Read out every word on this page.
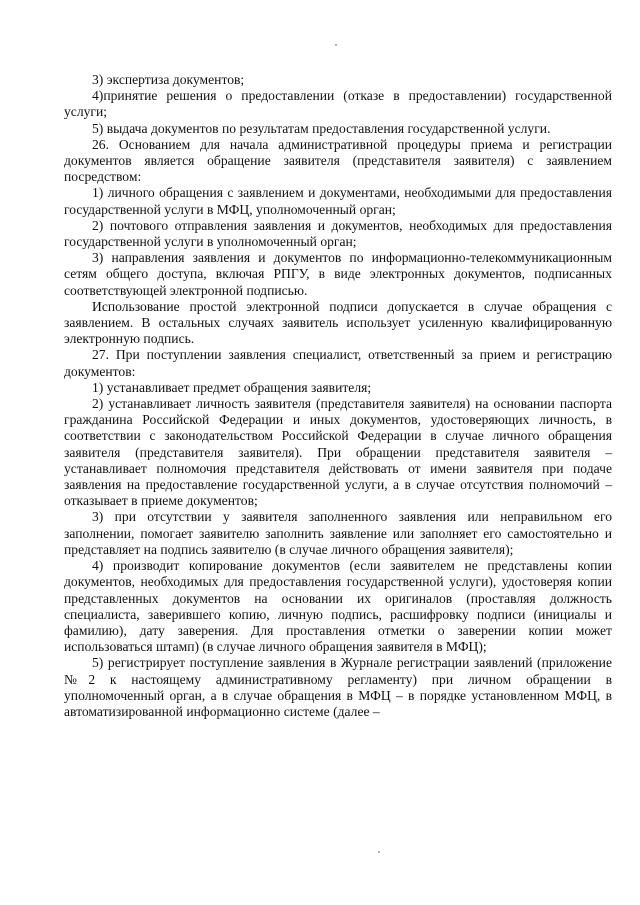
3) экспертиза документов;

4)принятие решения о предоставлении (отказе в предоставлении) государственной услуги;

5) выдача документов по результатам предоставления государственной услуги.

26. Основанием для начала административной процедуры приема и регистрации документов является обращение заявителя (представителя заявителя) с заявлением посредством:

1) личного обращения с заявлением и документами, необходимыми для предоставления государственной услуги в МФЦ, уполномоченный орган;

2) почтового отправления заявления и документов, необходимых для предоставления государственной услуги в уполномоченный орган;

3) направления заявления и документов по информационно-телекоммуникационным сетям общего доступа, включая РПГУ, в виде электронных документов, подписанных соответствующей электронной подписью.

Использование простой электронной подписи допускается в случае обращения с заявлением. В остальных случаях заявитель использует усиленную квалифицированную электронную подпись.

27. При поступлении заявления специалист, ответственный за прием и регистрацию документов:

1) устанавливает предмет обращения заявителя;

2) устанавливает личность заявителя (представителя заявителя) на основании паспорта гражданина Российской Федерации и иных документов, удостоверяющих личность, в соответствии с законодательством Российской Федерации в случае личного обращения заявителя (представителя заявителя). При обращении представителя заявителя – устанавливает полномочия представителя действовать от имени заявителя при подаче заявления на предоставление государственной услуги, а в случае отсутствия полномочий – отказывает в приеме документов;

3) при отсутствии у заявителя заполненного заявления или неправильном его заполнении, помогает заявителю заполнить заявление или заполняет его самостоятельно и представляет на подпись заявителю (в случае личного обращения заявителя);

4) производит копирование документов (если заявителем не представлены копии документов, необходимых для предоставления государственной услуги), удостоверяя копии представленных документов на основании их оригиналов (проставляя должность специалиста, заверившего копию, личную подпись, расшифровку подписи (инициалы и фамилию), дату заверения. Для проставления отметки о заверении копии может использоваться штамп) (в случае личного обращения заявителя в МФЦ);

5) регистрирует поступление заявления в Журнале регистрации заявлений (приложение №2 к настоящему административному регламенту) при личном обращении в уполномоченный орган, а в случае обращения в МФЦ – в порядке установленном МФЦ, в автоматизированной информационно системе (далее –
